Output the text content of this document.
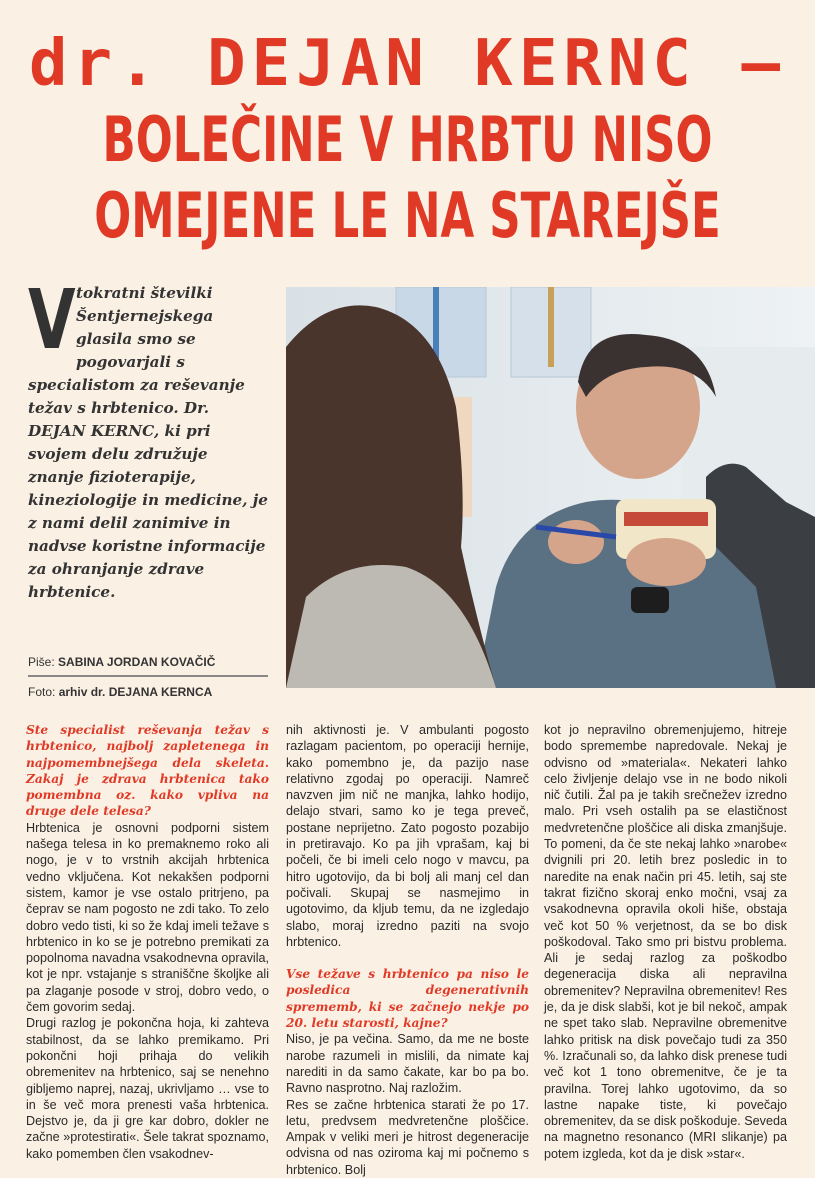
dr. DEJAN KERNC –
BOLEČINE V HRBTU NISO
OMEJENE LE NA STAREJŠE
V tokratni številki Šentjernejskega glasila smo se pogovarjali s specialistom za reševanje težav s hrbtenico. Dr. DEJAN KERNC, ki pri svojem delu združuje znanje fizioterapije, kineziologije in medicine, je z nami delil zanimive in nadvse koristne informacije za ohranjanje zdrave hrbtenice.
Piše: SABINA JORDAN KOVAČIČ
Foto: arhiv dr. DEJANA KERNCA

Ste specialist reševanja težav s hrbtenico, najbolj zapletenega in najpomembnejšega dela skeleta. Zakaj je zdrava hrbtenica tako pomembna oz. kako vpliva na druge dele telesa?

Hrbtenica je osnovni podporni sistem našega telesa in ko premaknemo roko ali nogo, je v to vrstnih akcijah hrbtenica vedno vključena. Kot nekakšen podporni sistem, kamor je vse ostalo pritrjeno, pa čeprav se nam pogosto ne zdi tako. To zelo dobro vedo tisti, ki so že kdaj imeli težave s hrbtenico in ko se je potrebno premikati za popolnoma navadna vsakodnevna opravila, kot je npr. vstajanje s straniščne školjke ali pa zlaganje posode v stroj, dobro vedo, o čem govorim sedaj.

Drugi razlog je pokončna hoja, ki zahteva stabilnost, da se lahko premikamo. Pri pokončni hoji prihaja do velikih obremenitev na hrbtenico, saj se nenehno gibljemo naprej, nazaj, ukrivljamo … vse to in še več mora prenesti vaša hrbtenica. Dejstvo je, da ji gre kar dobro, dokler ne začne »protestirati«. Šele takrat spoznamo, kako pomemben člen vsakodnev-

nih aktivnosti je. V ambulanti pogosto razlagam pacientom, po operaciji hernije, kako pomembno je, da pazijo nase relativno zgodaj po operaciji. Namreč navzven jim nič ne manjka, lahko hodijo, delajo stvari, samo ko je tega preveč, postane neprijetno. Zato pogosto pozabijo in pretiravajo. Ko pa jih vprašam, kaj bi počeli, če bi imeli celo nogo v mavcu, pa hitro ugotovijo, da bi bolj ali manj cel dan počivali. Skupaj se nasmejimo in ugotovimo, da kljub temu, da ne izgledajo slabo, moraj izredno paziti na svojo hrbtenico.

Vse težave s hrbtenico pa niso le posledica degenerativnih sprememb, ki se začnejo nekje po 20. letu starosti, kajne?

Niso, je pa večina. Samo, da me ne boste narobe razumeli in mislili, da nimate kaj narediti in da samo čakate, kar bo pa bo. Ravno nasprotno. Naj razložim.

Res se začne hrbtenica starati že po 17. letu, predvsem medvretenčne ploščice. Ampak v veliki meri je hitrost degeneracije odvisna od nas oziroma kaj mi počnemo s hrbtenico. Bolj

kot jo nepravilno obremenjujemo, hitreje bodo spremembe napredovale. Nekaj je odvisno od »materiala«. Nekateri lahko celo življenje delajo vse in ne bodo nikoli nič čutili. Žal pa je takih srečnežev izredno malo. Pri vseh ostalih pa se elastičnost medvretenčne ploščice ali diska zmanjšuje. To pomeni, da če ste nekaj lahko »narobe« dvignili pri 20. letih brez posledic in to naredite na enak način pri 45. letih, saj ste takrat fizično skoraj enko močni, vsaj za vsakodnevna opravila okoli hiše, obstaja več kot 50 % verjetnost, da se bo disk poškodoval. Tako smo pri bistvu problema. Ali je sedaj razlog za poškodbo degeneracija diska ali nepravilna obremenitev? Nepravilna obremenitev! Res je, da je disk slabši, kot je bil nekoč, ampak ne spet tako slab. Nepravilne obremenitve lahko pritisk na disk povečajo tudi za 350 %. Izračunali so, da lahko disk prenese tudi več kot 1 tono obremenitve, če je ta pravilna. Torej lahko ugotovimo, da so lastne napake tiste, ki povečajo obremenitev, da se disk poškoduje. Seveda na magnetno resonanco (MRI slikanje) pa potem izgleda, kot da je disk »star«.
